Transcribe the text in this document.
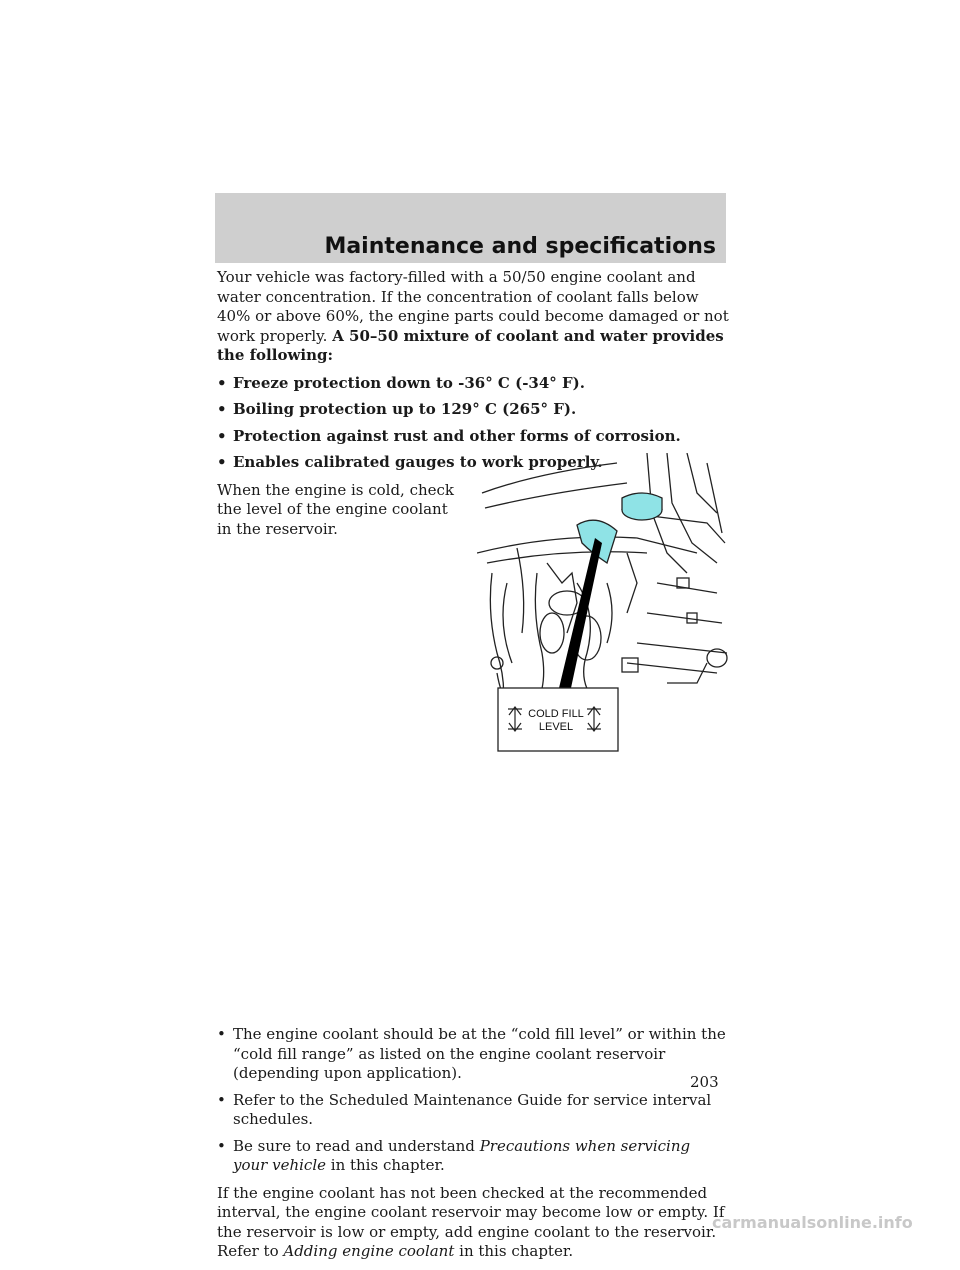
Maintenance and specifications

Your vehicle was factory-filled with a 50/50 engine coolant and water concentration. If the concentration of coolant falls below 40% or above 60%, the engine parts could become damaged or not work properly. A 50–50 mixture of coolant and water provides the following:

• Freeze protection down to -36° C (-34° F).
• Boiling protection up to 129° C (265° F).
• Protection against rust and other forms of corrosion.
• Enables calibrated gauges to work properly.
When the engine is cold, check the level of the engine coolant in the reservoir.
• The engine coolant should be at the “cold fill level” or within the “cold fill range” as listed on the engine coolant reservoir (depending upon application).
• Refer to the Scheduled Maintenance Guide for service interval schedules.
• Be sure to read and understand Precautions when servicing your vehicle in this chapter.

If the engine coolant has not been checked at the recommended interval, the engine coolant reservoir may become low or empty. If the reservoir is low or empty, add engine coolant to the reservoir. Refer to Adding engine coolant in this chapter.

COLD FILL
LEVEL
203
carmanualsonline.info
